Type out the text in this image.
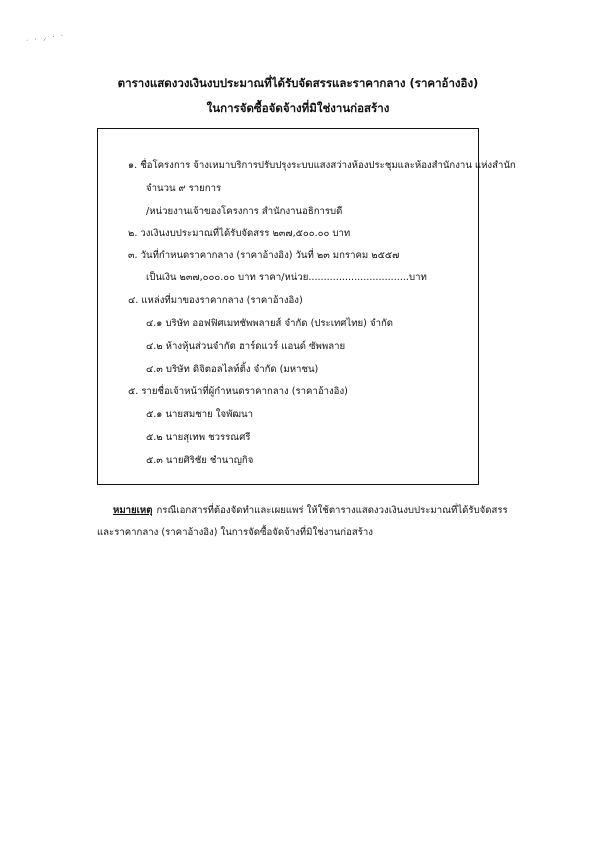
· · ⸝ · ·
ตารางแสดงวงเงินงบประมาณที่ได้รับจัดสรรและราคากลาง (ราคาอ้างอิง)
ในการจัดซื้อจัดจ้างที่มิใช่งานก่อสร้าง
๑. ชื่อโครงการ จ้างเหมาบริการปรับปรุงระบบแสงสว่างห้องประชุมและห้องสำนักงาน แห่งสำนัก
จำนวน ๙ รายการ
/หน่วยงานเจ้าของโครงการ สำนักงานอธิการบดี
๒. วงเงินงบประมาณที่ได้รับจัดสรร ๒๓๗,๕๐๐.๐๐ บาท
๓. วันที่กำหนดราคากลาง (ราคาอ้างอิง) วันที่ ๒๓ มกราคม ๒๕๕๗
เป็นเงิน ๒๓๗,๐๐๐.๐๐ บาท ราคา/หน่วย.................................บาท
๔. แหล่งที่มาของราคากลาง (ราคาอ้างอิง)
๔.๑ บริษัท ออฟฟิศเมทชัพพลายส์ จำกัด (ประเทศไทย) จำกัด
๔.๒ ห้างหุ้นส่วนจำกัด ฮาร์ดแวร์ แอนด์ ซัพพลาย
๔.๓ บริษัท ดิจิตอลไลท์ติ้ง จำกัด (มหาชน)
๕. รายชื่อเจ้าหน้าที่ผู้กำหนดราคากลาง (ราคาอ้างอิง)
๕.๑ นายสมชาย ใจพัฒนา
๕.๒ นายสุเทพ ชวรรณศรี
๕.๓ นายศิริชัย ชำนาญกิจ
หมายเหตุ กรณีเอกสารที่ต้องจัดทำและเผยแพร่ ให้ใช้ตารางแสดงวงเงินงบประมาณที่ได้รับจัดสรร
และราคากลาง (ราคาอ้างอิง) ในการจัดซื้อจัดจ้างที่มิใช่งานก่อสร้าง
